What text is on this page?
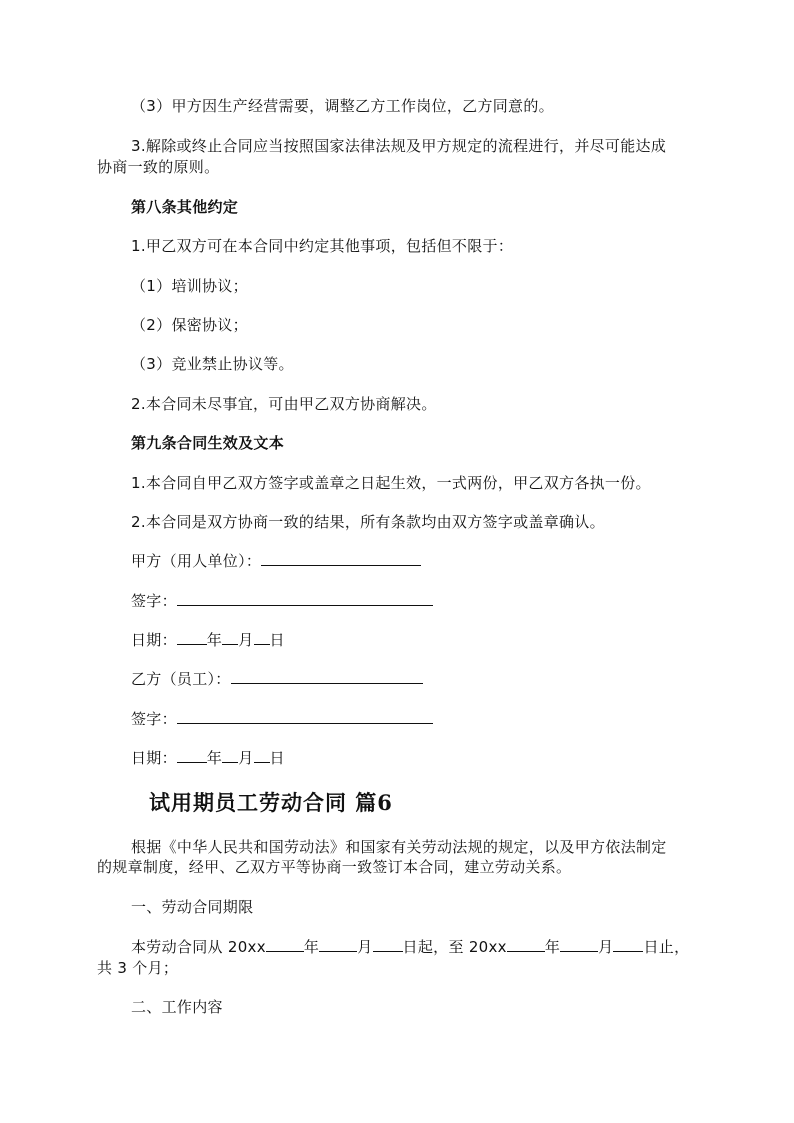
（3）甲方因生产经营需要，调整乙方工作岗位，乙方同意的。
3.解除或终止合同应当按照国家法律法规及甲方规定的流程进行，并尽可能达成
协商一致的原则。
第八条其他约定
1.甲乙双方可在本合同中约定其他事项，包括但不限于：
（1）培训协议；
（2）保密协议；
（3）竞业禁止协议等。
2.本合同未尽事宜，可由甲乙双方协商解决。
第九条合同生效及文本
1.本合同自甲乙双方签字或盖章之日起生效，一式两份，甲乙双方各执一份。
2.本合同是双方协商一致的结果，所有条款均由双方签字或盖章确认。
甲方（用人单位）：
签字：
日期： 年 月 日
乙方（员工）：
签字：
日期： 年 月 日
试用期员工劳动合同 篇6
根据《中华人民共和国劳动法》和国家有关劳动法规的规定，以及甲方依法制定
的规章制度，经甲、乙双方平等协商一致签订本合同，建立劳动关系。
一、劳动合同期限
本劳动合同从 20xx	年	月 日起，至 20xx	年	月 日止，
共 3 个月；
二、工作内容
